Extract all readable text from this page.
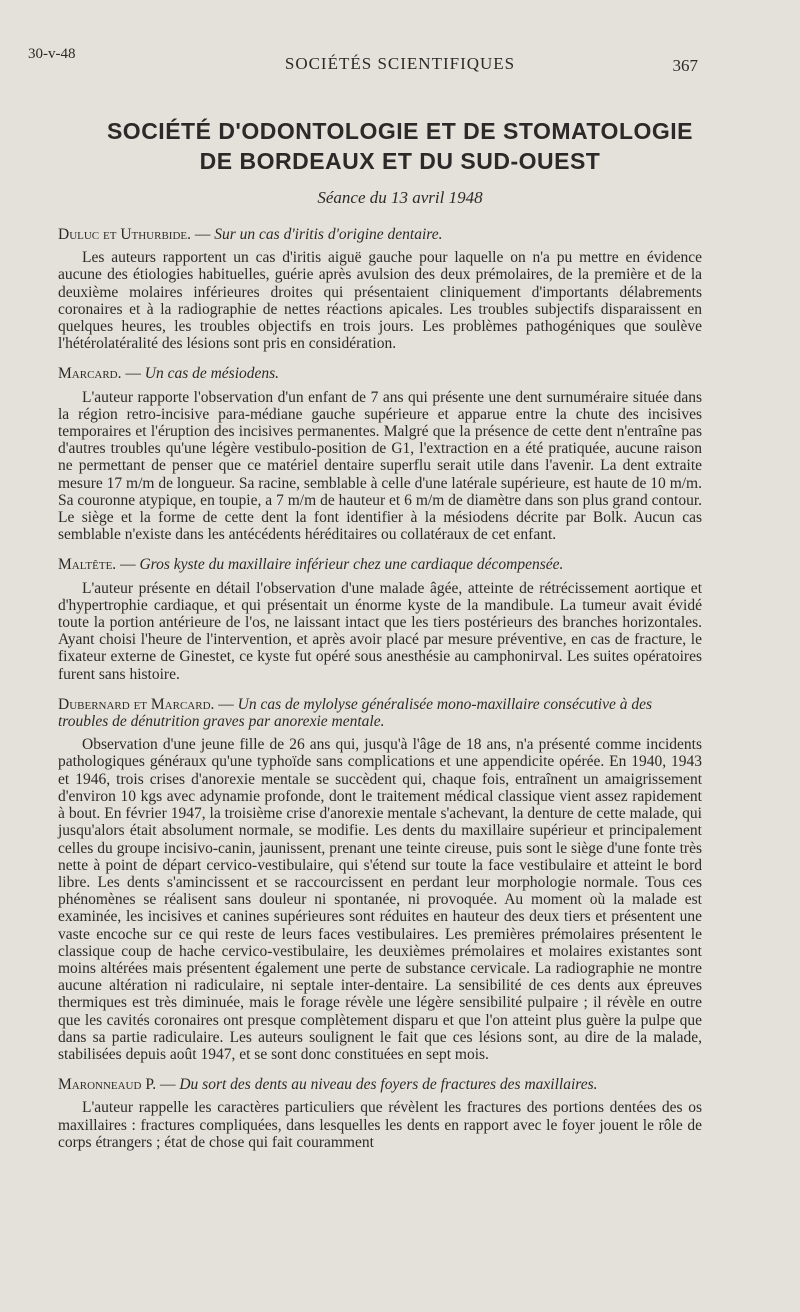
30-v-48	SOCIÉTÉS SCIENTIFIQUES	367
SOCIÉTÉ D'ODONTOLOGIE ET DE STOMATOLOGIE
DE BORDEAUX ET DU SUD-OUEST
Séance du 13 avril 1948
Duluc et Uthurbide. — Sur un cas d'iritis d'origine dentaire.
Les auteurs rapportent un cas d'iritis aiguë gauche pour laquelle on n'a pu mettre en évidence aucune des étiologies habituelles, guérie après avulsion des deux prémolaires, de la première et de la deuxième molaires inférieures droites qui présentaient cliniquement d'importants délabrements coronaires et à la radiographie de nettes réactions apicales. Les troubles subjectifs disparaissent en quelques heures, les troubles objectifs en trois jours. Les problèmes pathogéniques que soulève l'hétérolatéralité des lésions sont pris en considération.
Marcard. — Un cas de mésiodens.
L'auteur rapporte l'observation d'un enfant de 7 ans qui présente une dent surnuméraire située dans la région retro-incisive para-médiane gauche supérieure et apparue entre la chute des incisives temporaires et l'éruption des incisives permanentes. Malgré que la présence de cette dent n'entraîne pas d'autres troubles qu'une légère vestibulo-position de G1, l'extraction en a été pratiquée, aucune raison ne permettant de penser que ce matériel dentaire superflu serait utile dans l'avenir. La dent extraite mesure 17 m/m de longueur. Sa racine, semblable à celle d'une latérale supérieure, est haute de 10 m/m. Sa couronne atypique, en toupie, a 7 m/m de hauteur et 6 m/m de diamètre dans son plus grand contour. Le siège et la forme de cette dent la font identifier à la mésiodens décrite par Bolk. Aucun cas semblable n'existe dans les antécédents héréditaires ou collatéraux de cet enfant.
Maltête. — Gros kyste du maxillaire inférieur chez une cardiaque décompensée.
L'auteur présente en détail l'observation d'une malade âgée, atteinte de rétrécissement aortique et d'hypertrophie cardiaque, et qui présentait un énorme kyste de la mandibule. La tumeur avait évidé toute la portion antérieure de l'os, ne laissant intact que les tiers postérieurs des branches horizontales. Ayant choisi l'heure de l'intervention, et après avoir placé par mesure préventive, en cas de fracture, le fixateur externe de Ginestet, ce kyste fut opéré sous anesthésie au camphonirval. Les suites opératoires furent sans histoire.
Dubernard et Marcard. — Un cas de mylolyse généralisée mono-maxillaire consécutive à des troubles de dénutrition graves par anorexie mentale.
Observation d'une jeune fille de 26 ans qui, jusqu'à l'âge de 18 ans, n'a présenté comme incidents pathologiques généraux qu'une typhoïde sans complications et une appendicite opérée. En 1940, 1943 et 1946, trois crises d'anorexie mentale se succèdent qui, chaque fois, entraînent un amaigrissement d'environ 10 kgs avec adynamie profonde, dont le traitement médical classique vient assez rapidement à bout. En février 1947, la troisième crise d'anorexie mentale s'achevant, la denture de cette malade, qui jusqu'alors était absolument normale, se modifie. Les dents du maxillaire supérieur et principalement celles du groupe incisivo-canin, jaunissent, prenant une teinte cireuse, puis sont le siège d'une fonte très nette à point de départ cervico-vestibulaire, qui s'étend sur toute la face vestibulaire et atteint le bord libre. Les dents s'amincissent et se raccourcissent en perdant leur morphologie normale. Tous ces phénomènes se réalisent sans douleur ni spontanée, ni provoquée. Au moment où la malade est examinée, les incisives et canines supérieures sont réduites en hauteur des deux tiers et présentent une vaste encoche sur ce qui reste de leurs faces vestibulaires. Les premières prémolaires présentent le classique coup de hache cervico-vestibulaire, les deuxièmes prémolaires et molaires existantes sont moins altérées mais présentent également une perte de substance cervicale. La radiographie ne montre aucune altération ni radiculaire, ni septale inter-dentaire. La sensibilité de ces dents aux épreuves thermiques est très diminuée, mais le forage révèle une légère sensibilité pulpaire ; il révèle en outre que les cavités coronaires ont presque complètement disparu et que l'on atteint plus guère la pulpe que dans sa partie radiculaire. Les auteurs soulignent le fait que ces lésions sont, au dire de la malade, stabilisées depuis août 1947, et se sont donc constituées en sept mois.
Maronneaud P. — Du sort des dents au niveau des foyers de fractures des maxillaires.
L'auteur rappelle les caractères particuliers que révèlent les fractures des portions dentées des os maxillaires : fractures compliquées, dans lesquelles les dents en rapport avec le foyer jouent le rôle de corps étrangers ; état de chose qui fait couramment
